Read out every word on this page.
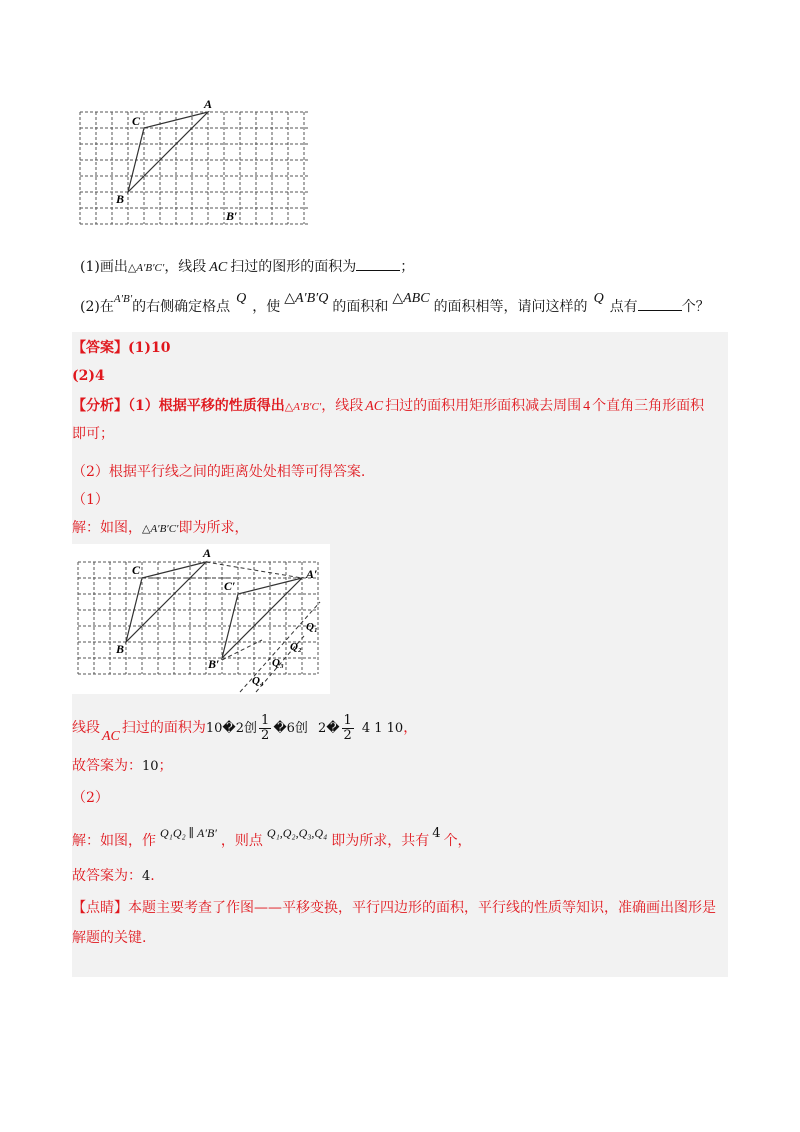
A
C
B
B′
(1)画出△A′B′C′，线段 AC 扫过的图形的面积为	；
(2)在$^{A'B'}$的右侧确定格点Q，使△A′B′Q的面积和△ABC的面积相等，请问这样的Q点有	个？
【答案】(1)10
(2)4
【分析】（1）根据平移的性质得出△A′B′C′，线段 AC 扫过的面积用矩形面积减去周围 4 个直角三角形面积
即可；
（2）根据平行线之间的距离处处相等可得答案.
（1）
解：如图，△A′B′C′即为所求，
A
C
B
A′
C′
B′
Q₁
Q₂
Q₃
Q₄
线段AC扫过的面积为10�2创 $\frac{1}{2}$ �6创 2� $\frac{1}{2} 4$ 1 10，
故答案为：10；
（2）
解：如图，作 Q₁Q₂ ∥ A′B′ ，则点 Q₁,Q₂,Q₃,Q₄ 即为所求，共有 4 个，
故答案为：4.
【点睛】本题主要考查了作图——平移变换，平行四边形的面积，平行线的性质等知识，准确画出图形是
解题的关键.
